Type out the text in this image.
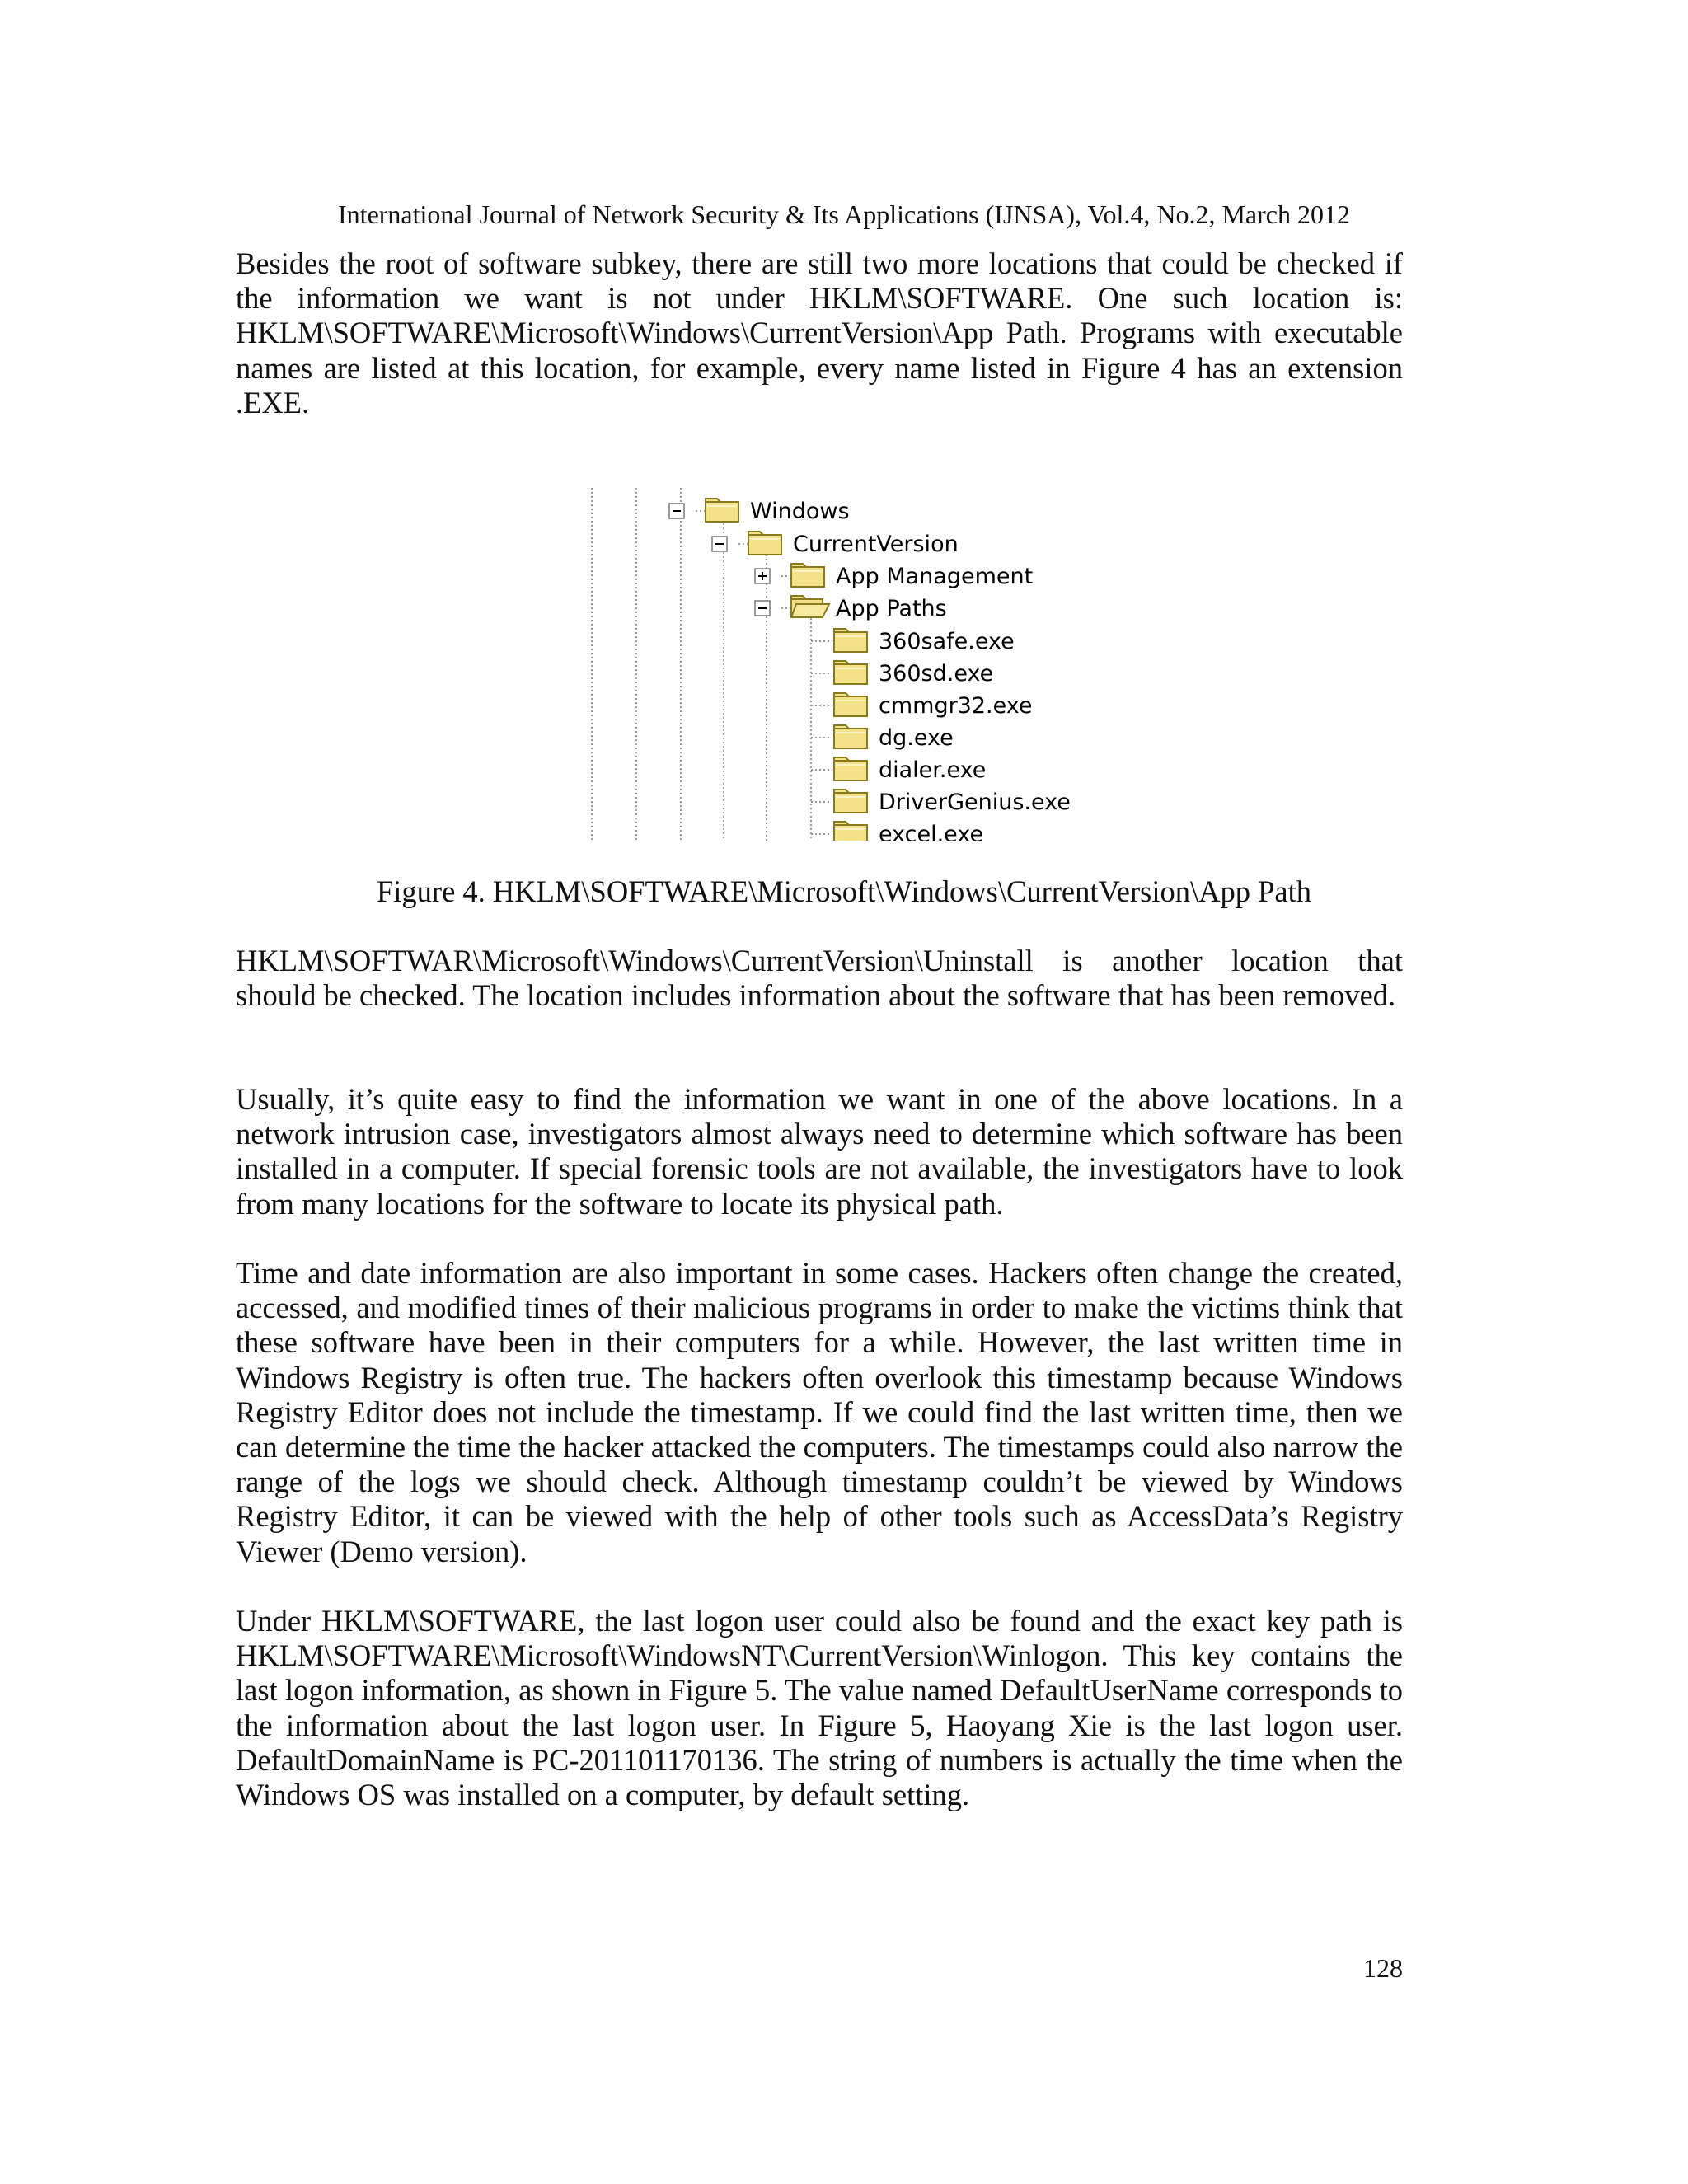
International Journal of Network Security & Its Applications (IJNSA), Vol.4, No.2, March 2012

Besides the root of software subkey, there are still two more locations that could be checked if the information we want is not under HKLM\SOFTWARE. One such location is: HKLM\SOFTWARE\Microsoft\Windows\CurrentVersion\App Path. Programs with executable names are listed at this location, for example, every name listed in Figure 4 has an extension .EXE.

Windows
CurrentVersion
App Management
App Paths
360safe.exe
360sd.exe
cmmgr32.exe
dg.exe
dialer.exe
DriverGenius.exe
excel.exe
Figure 4. HKLM\SOFTWARE\Microsoft\Windows\CurrentVersion\App Path

HKLM\SOFTWAR\Microsoft\Windows\CurrentVersion\Uninstall is another location that should be checked. The location includes information about the software that has been removed.

Usually, it’s quite easy to find the information we want in one of the above locations. In a network intrusion case, investigators almost always need to determine which software has been installed in a computer. If special forensic tools are not available, the investigators have to look from many locations for the software to locate its physical path.

Time and date information are also important in some cases. Hackers often change the created, accessed, and modified times of their malicious programs in order to make the victims think that these software have been in their computers for a while. However, the last written time in Windows Registry is often true. The hackers often overlook this timestamp because Windows Registry Editor does not include the timestamp. If we could find the last written time, then we can determine the time the hacker attacked the computers. The timestamps could also narrow the range of the logs we should check. Although timestamp couldn’t be viewed by Windows Registry Editor, it can be viewed with the help of other tools such as AccessData’s Registry Viewer (Demo version).

Under HKLM\SOFTWARE, the last logon user could also be found and the exact key path is HKLM\SOFTWARE\Microsoft\WindowsNT\CurrentVersion\Winlogon. This key contains the last logon information, as shown in Figure 5. The value named DefaultUserName corresponds to the information about the last logon user. In Figure 5, Haoyang Xie is the last logon user. DefaultDomainName is PC-201101170136. The string of numbers is actually the time when the Windows OS was installed on a computer, by default setting.

128
